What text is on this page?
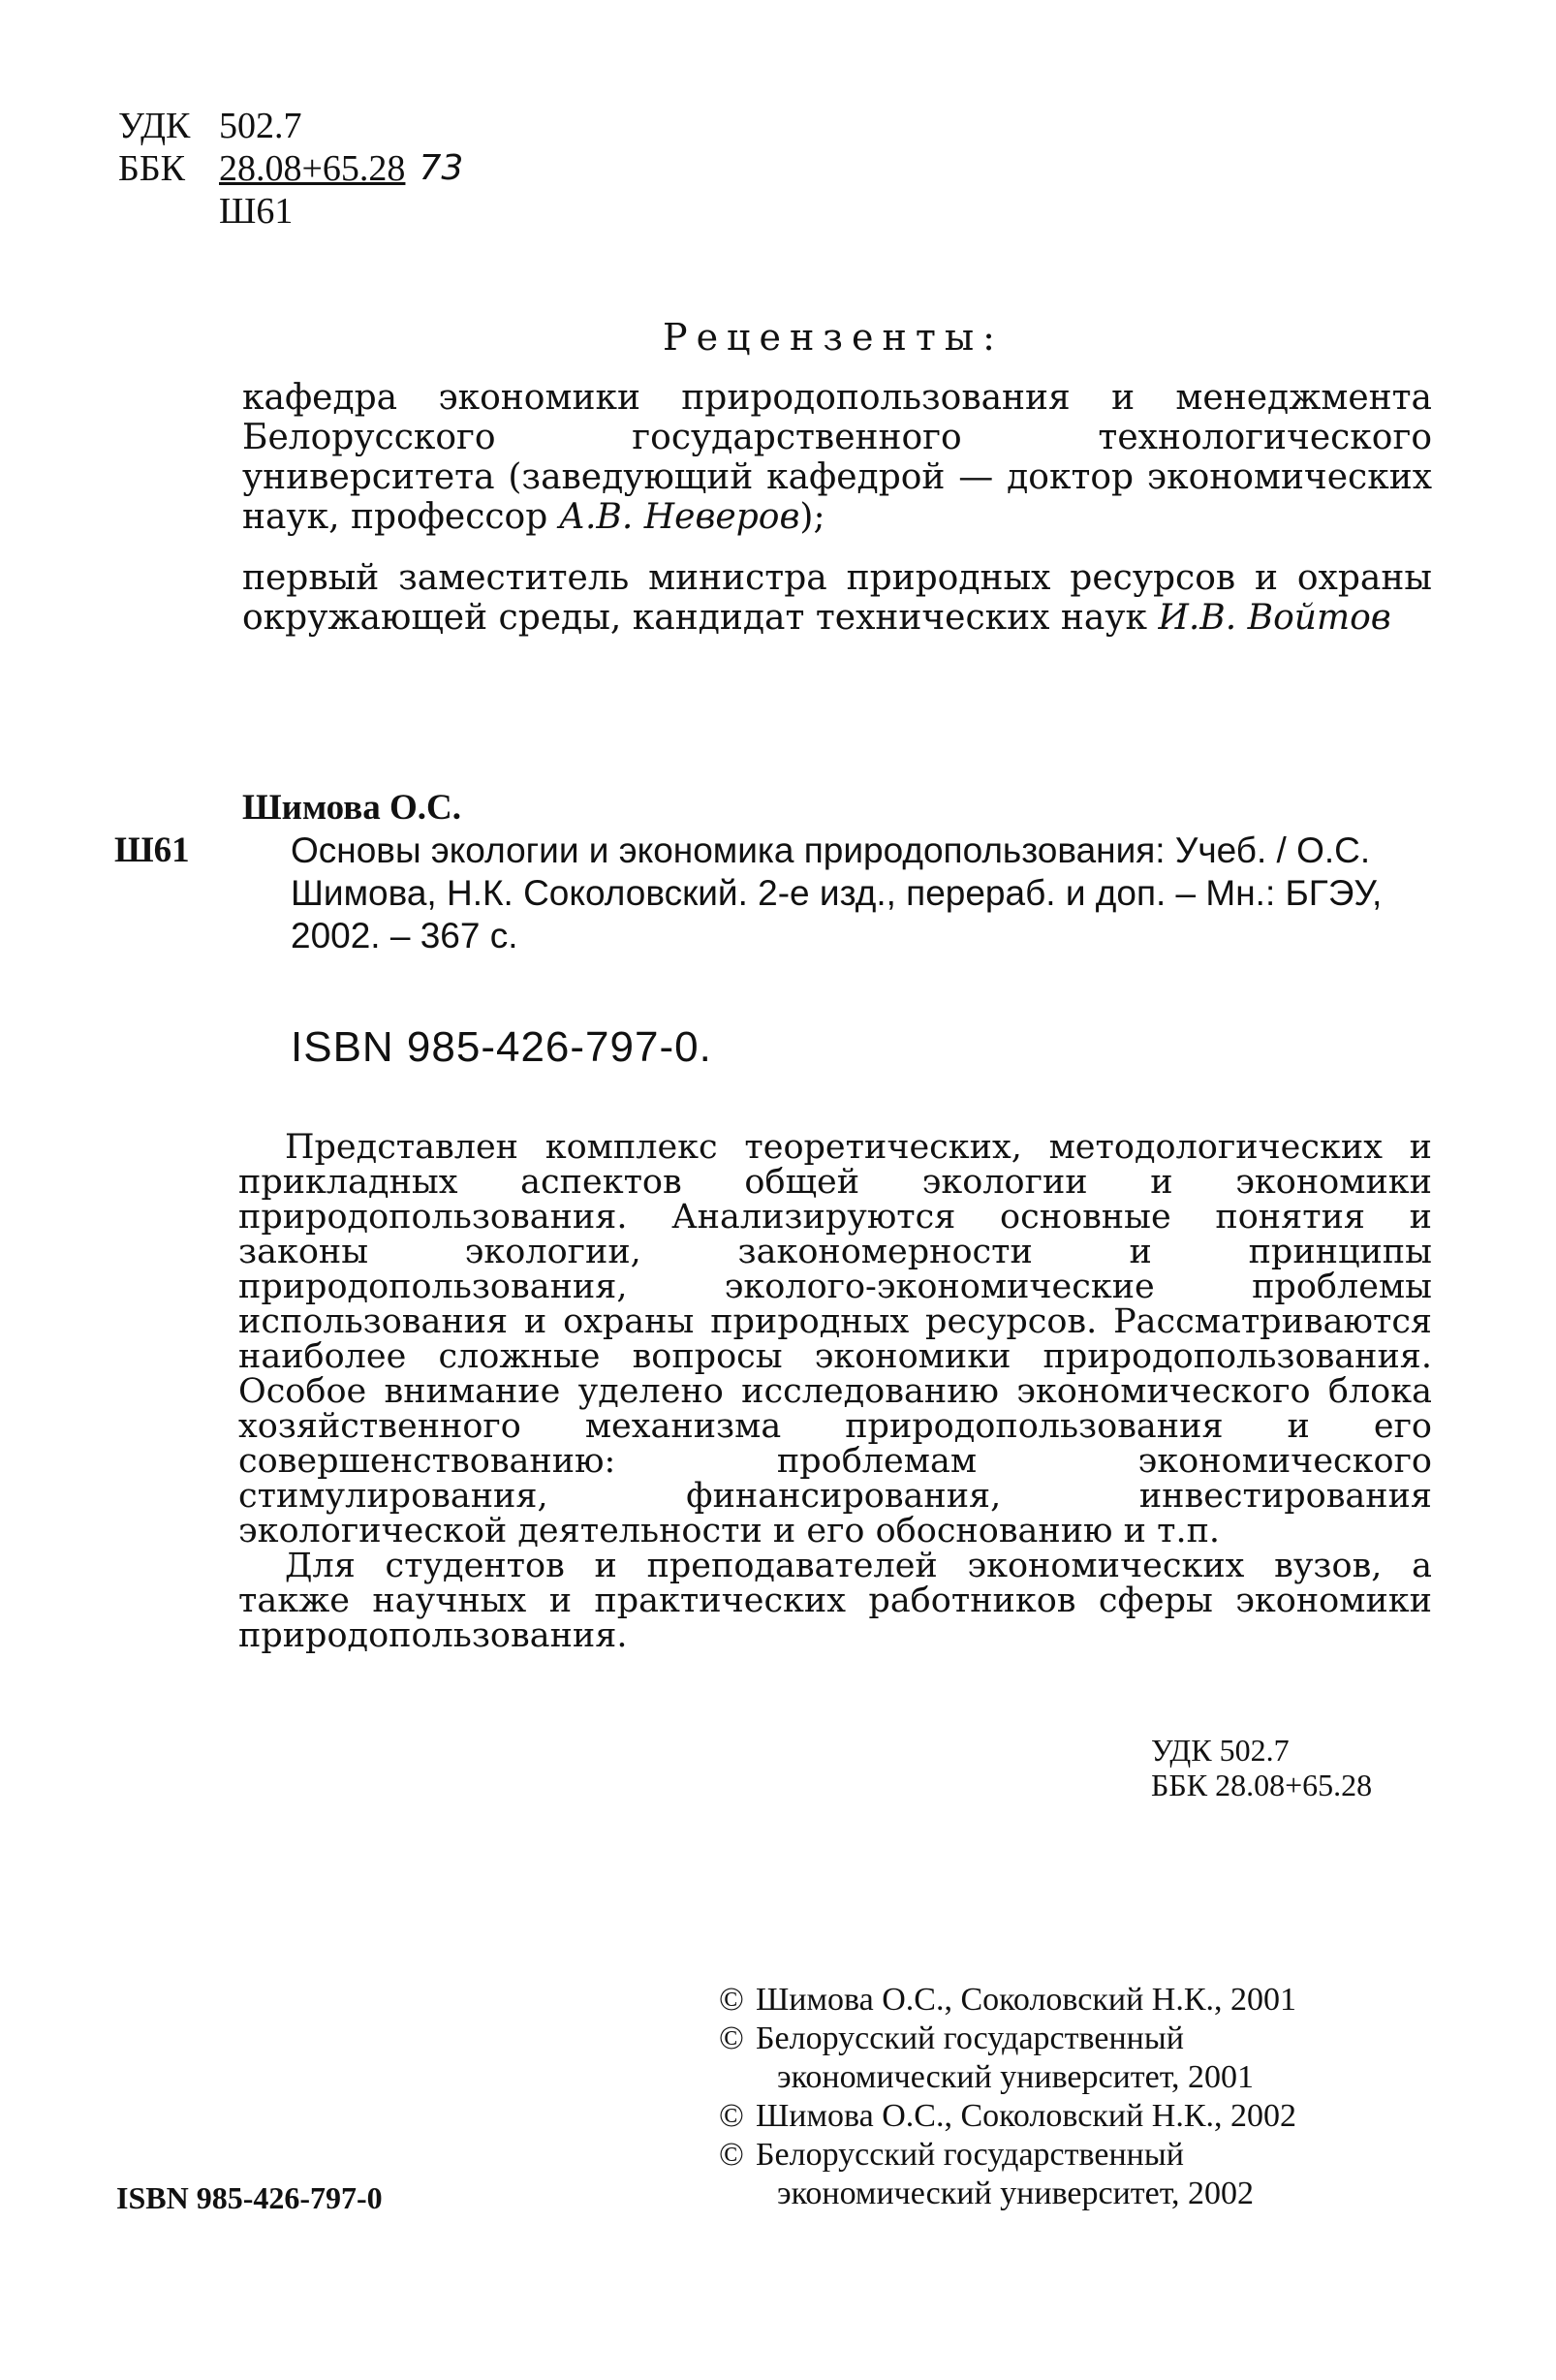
УДК 502.7
ББК 28.08+65.28 73
Ш61
Рецензенты:
кафедра экономики природопользования и менеджмента Белорусского государственного технологического университета (заведующий кафедрой — доктор экономических наук, профессор А.В. Неверов);
первый заместитель министра природных ресурсов и охраны окружающей среды, кандидат технических наук И.В. Войтов
Шимова О.С.
Ш61	Основы экологии и экономика природопользования: Учеб. / О.С. Шимова, Н.К. Соколовский. 2-е изд., перераб. и доп. – Мн.: БГЭУ, 2002. – 367 с.
ISBN 985-426-797-0.

Представлен комплекс теоретических, методологических и прикладных аспектов общей экологии и экономики природопользования. Анализируются основные понятия и законы экологии, закономерности и принципы природопользования, эколого-экономические проблемы использования и охраны природных ресурсов. Рассматриваются наиболее сложные вопросы экономики природопользования. Особое внимание уделено исследованию экономического блока хозяйственного механизма природопользования и его совершенствованию: проблемам экономического стимулирования, финансирования, инвестирования экологической деятельности и его обоснованию и т.п.

Для студентов и преподавателей экономических вузов, а также научных и практических работников сферы экономики природопользования.

УДК 502.7
ББК 28.08+65.28
© Шимова О.С., Соколовский Н.К., 2001
© Белорусский государственный
экономический университет, 2001
© Шимова О.С., Соколовский Н.К., 2002
© Белорусский государственный
экономический университет, 2002
ISBN 985-426-797-0
